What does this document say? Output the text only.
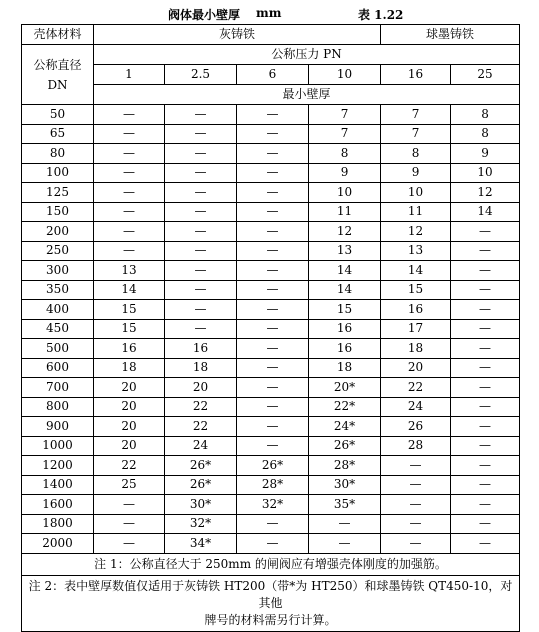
阀体最小壁厚 mm	表 1.22
壳体材料	灰铸铁				球墨铸铁	
公称直径
DN	公称压力 PN					
	1	2.5	6	10	16	25
	最小壁厚					
50	—	—	—	7	7	8
65	—	—	—	7	7	8
80	—	—	—	8	8	9
100	—	—	—	9	9	10
125	—	—	—	10	10	12
150	—	—	—	11	11	14
200	—	—	—	12	12	—
250	—	—	—	13	13	—
300	13	—	—	14	14	—
350	14	—	—	14	15	—
400	15	—	—	15	16	—
450	15	—	—	16	17	—
500	16	16	—	16	18	—
600	18	18	—	18	20	—
700	20	20	—	20*	22	—
800	20	22	—	22*	24	—
900	20	22	—	24*	26	—
1000	20	24	—	26*	28	—
1200	22	26*	26*	28*	—	—
1400	25	26*	28*	30*	—	—
1600	—	30*	32*	35*	—	—
1800	—	32*	—	—	—	—
2000	—	34*	—	—	—	—
注 1：公称直径大于 250mm 的闸阀应有增强壳体刚度的加强筋。						

注 2：表中壁厚数值仅适用于灰铸铁 HT200（带*为 HT250）和球墨铸铁 QT450-10，对其他
牌号的材料需另行计算。						
